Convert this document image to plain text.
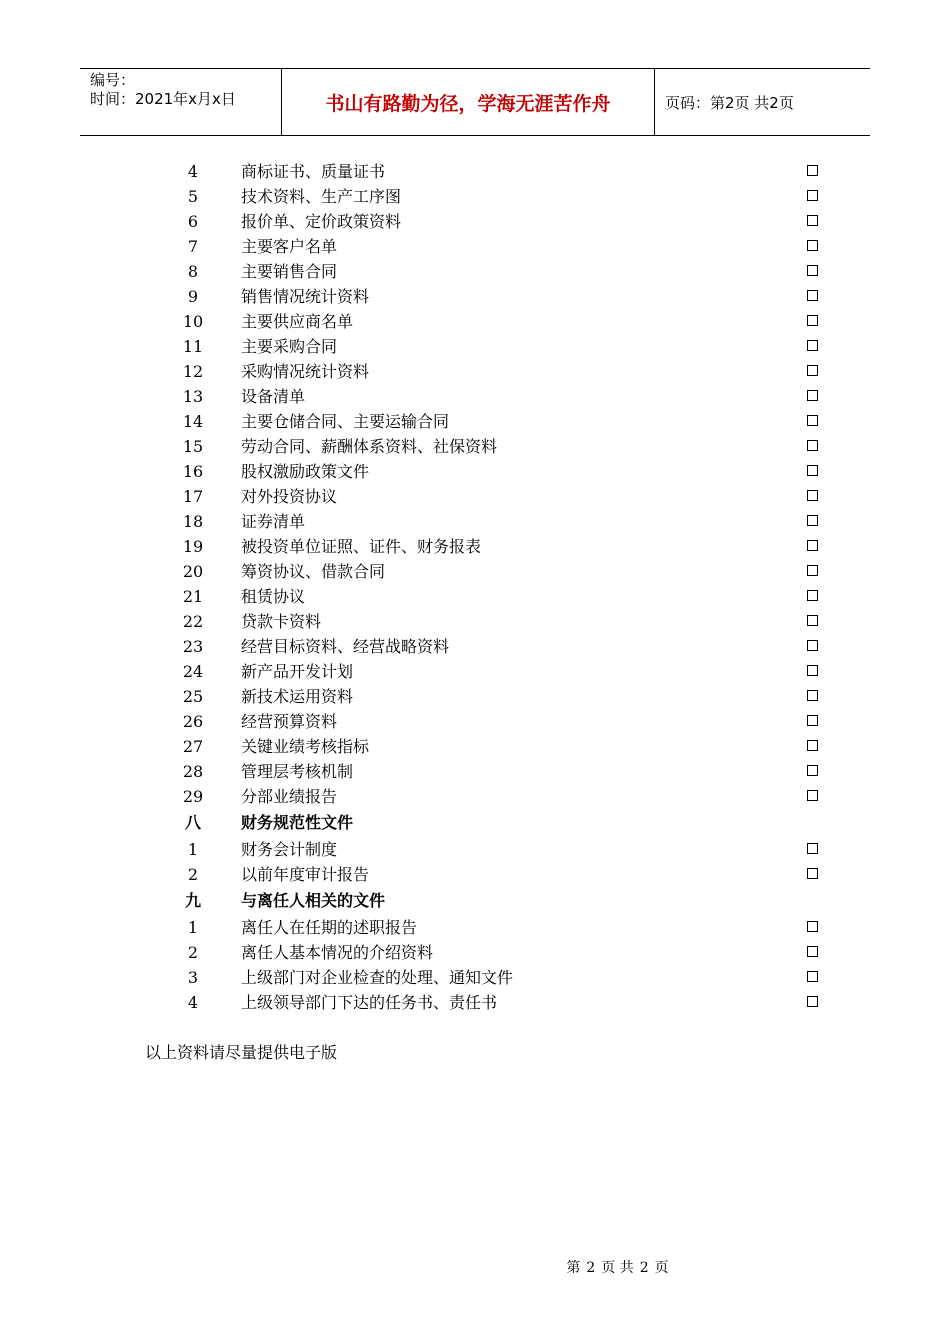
编号：
时间：2021年x月x日	书山有路勤为径，学海无涯苦作舟	页码：第2页 共2页
4	商标证书、质量证书
5	技术资料、生产工序图
6	报价单、定价政策资料
7	主要客户名单
8	主要销售合同
9	销售情况统计资料
10	主要供应商名单
11	主要采购合同
12	采购情况统计资料
13	设备清单
14	主要仓储合同、主要运输合同
15	劳动合同、薪酬体系资料、社保资料
16	股权激励政策文件
17	对外投资协议
18	证券清单
19	被投资单位证照、证件、财务报表
20	筹资协议、借款合同
21	租赁协议
22	贷款卡资料
23	经营目标资料、经营战略资料
24	新产品开发计划
25	新技术运用资料
26	经营预算资料
27	关键业绩考核指标
28	管理层考核机制
29	分部业绩报告
八	财务规范性文件
1	财务会计制度
2	以前年度审计报告
九	与离任人相关的文件
1	离任人在任期的述职报告
2	离任人基本情况的介绍资料
3	上级部门对企业检查的处理、通知文件
4	上级领导部门下达的任务书、责任书
以上资料请尽量提供电子版
第 2 页 共 2 页
